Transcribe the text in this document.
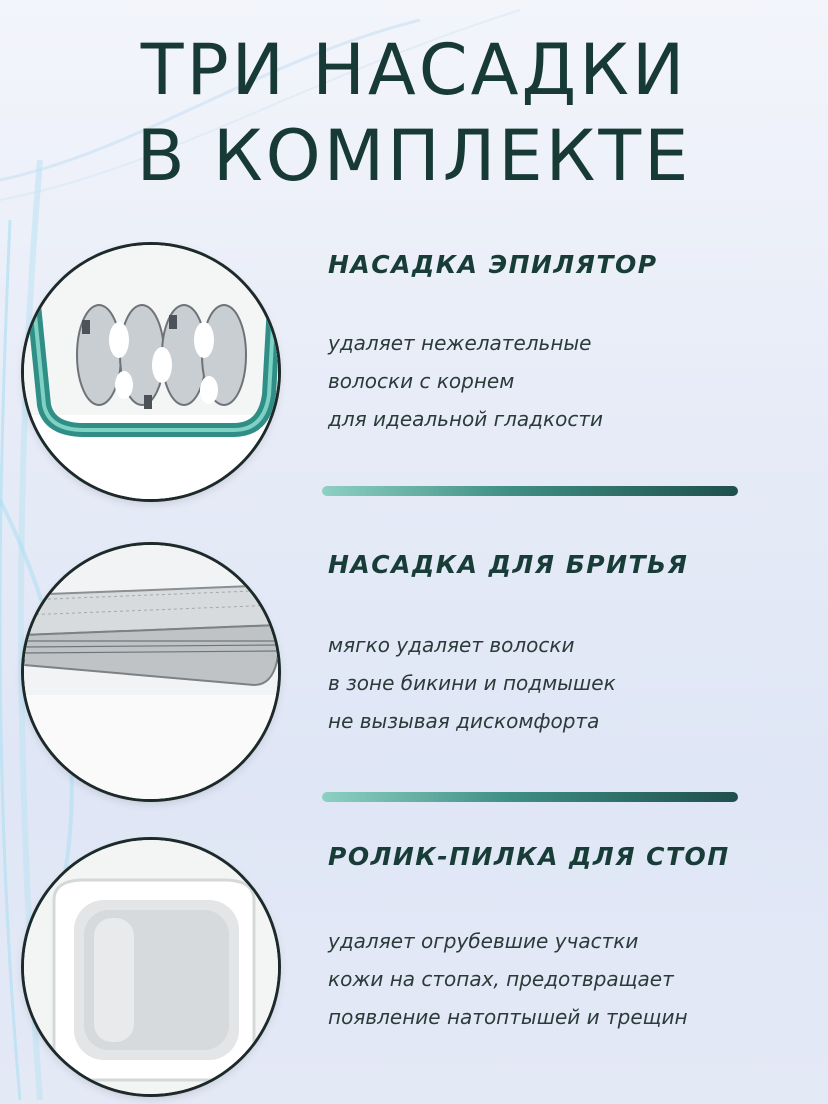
ТРИ НАСАДКИ
В КОМПЛЕКТЕ
НАСАДКА ЭПИЛЯТОР
удаляет нежелательные
волоски с корнем
для идеальной гладкости
НАСАДКА ДЛЯ БРИТЬЯ
мягко удаляет волоски
в зоне бикини и подмышек
не вызывая дискомфорта
РОЛИК-ПИЛКА ДЛЯ СТОП
удаляет огрубевшие участки
кожи на стопах, предотвращает
появление натоптышей и трещин
